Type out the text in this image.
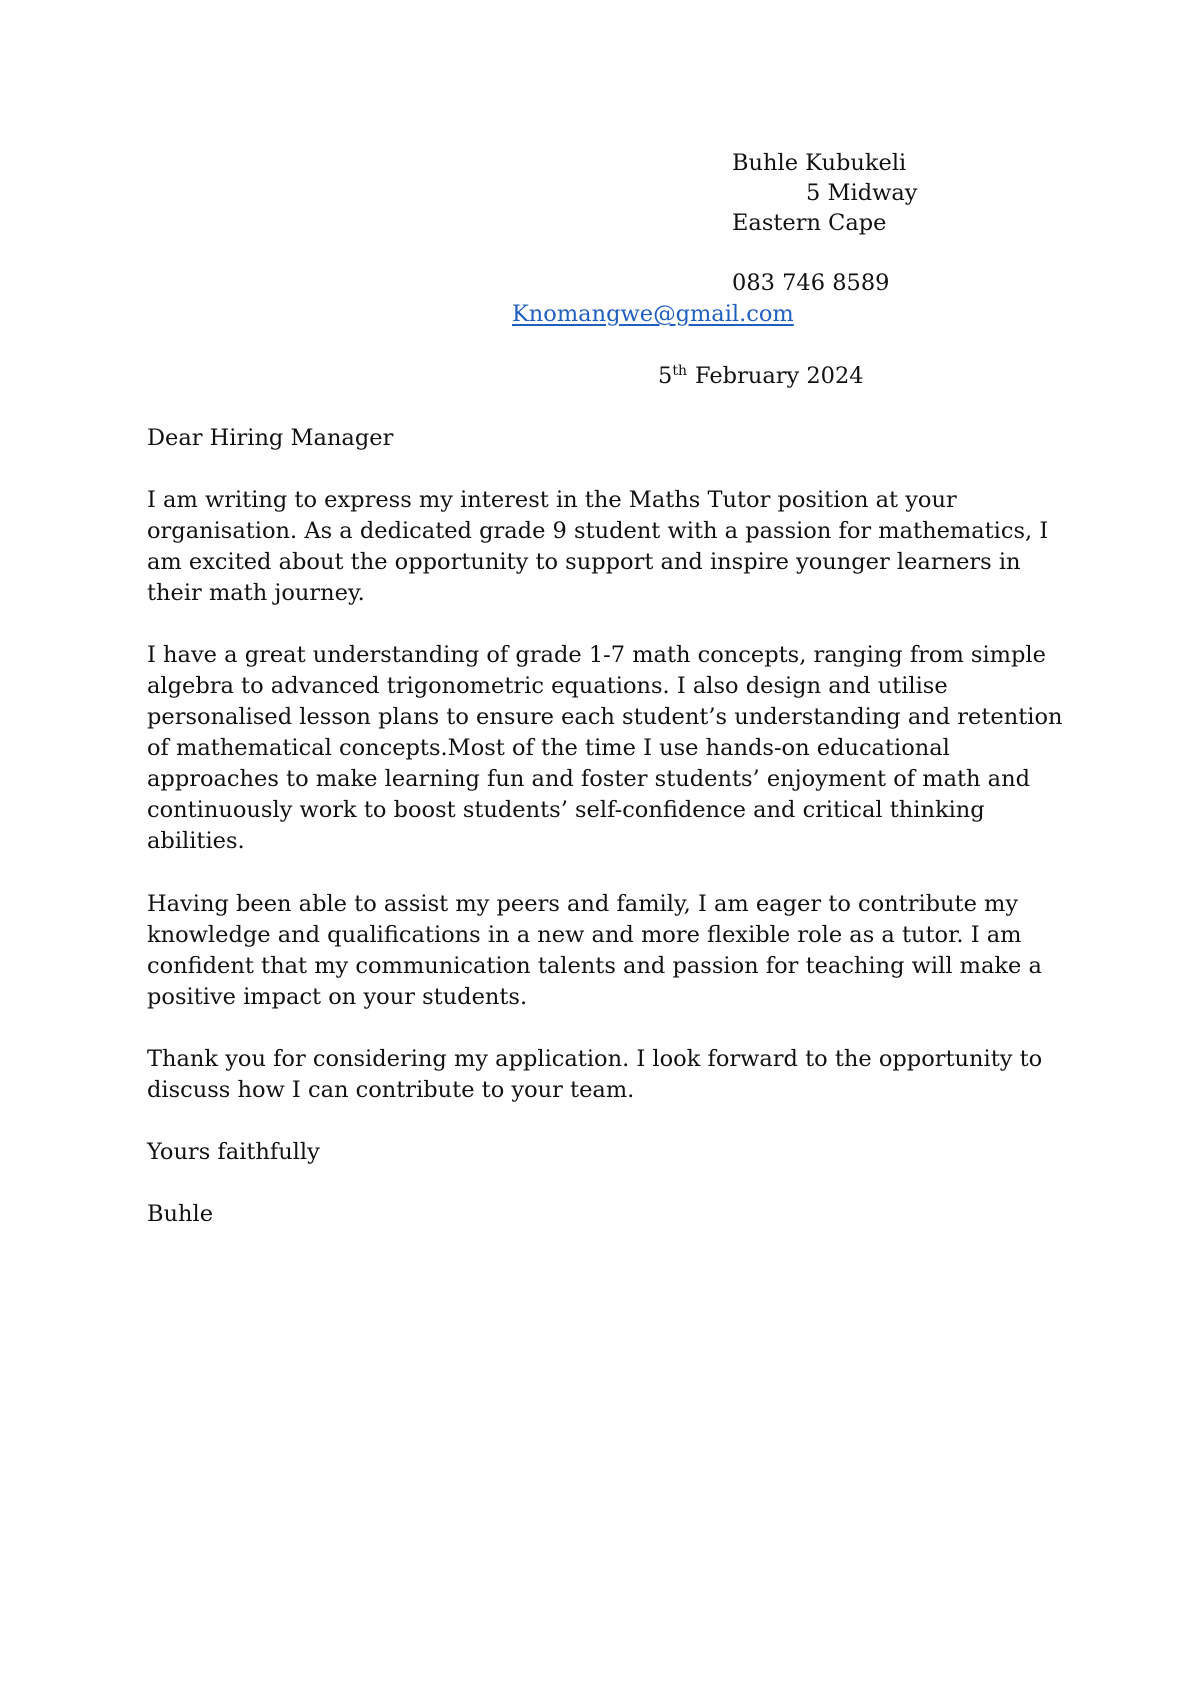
Buhle Kubukeli
5 Midway
Eastern Cape
083 746 8589
Knomangwe@gmail.com
5th February 2024
Dear Hiring Manager
I am writing to express my interest in the Maths Tutor position at your
organisation. As a dedicated grade 9 student with a passion for mathematics, I
am excited about the opportunity to support and inspire younger learners in
their math journey.
I have a great understanding of grade 1-7 math concepts, ranging from simple
algebra to advanced trigonometric equations. I also design and utilise
personalised lesson plans to ensure each student’s understanding and retention
of mathematical concepts.Most of the time I use hands-on educational
approaches to make learning fun and foster students’ enjoyment of math and
continuously work to boost students’ self-confidence and critical thinking
abilities.
Having been able to assist my peers and family, I am eager to contribute my
knowledge and qualifications in a new and more flexible role as a tutor. I am
confident that my communication talents and passion for teaching will make a
positive impact on your students.
Thank you for considering my application. I look forward to the opportunity to
discuss how I can contribute to your team.
Yours faithfully
Buhle
